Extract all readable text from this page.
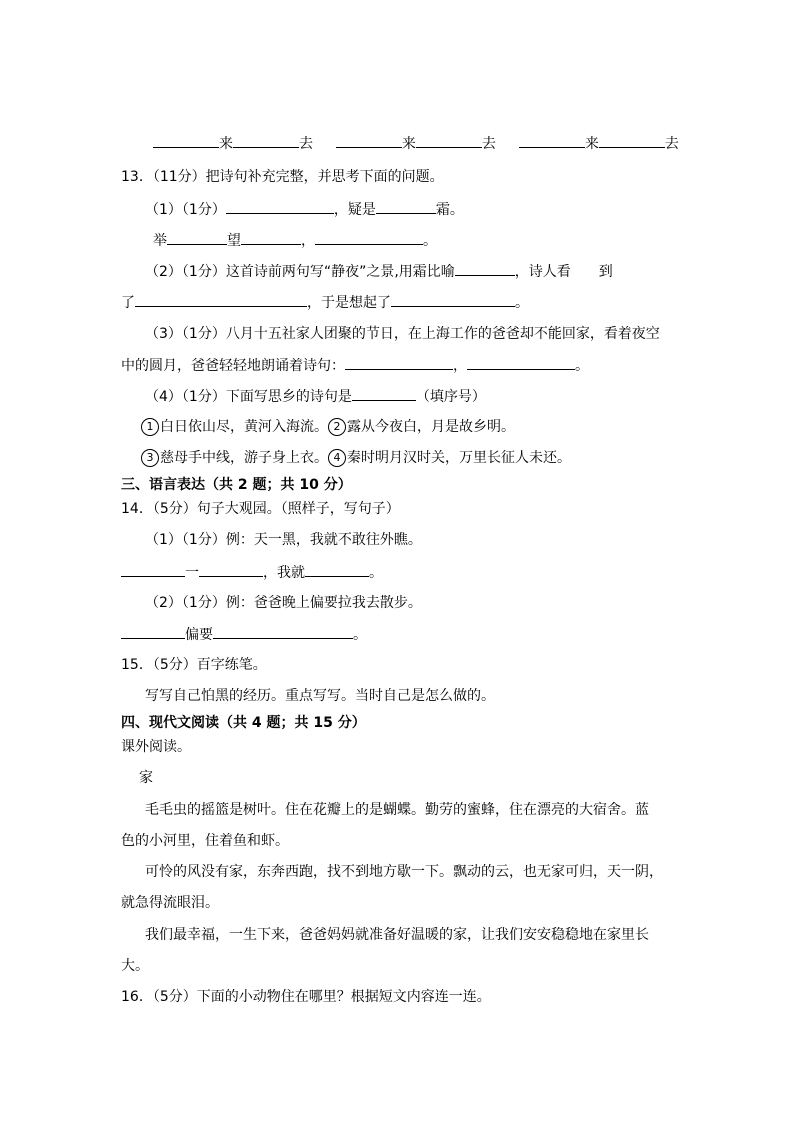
来	去	来	去	来	去
13．（11分）把诗句补充完整，并思考下面的问题。
（1）（1分）	，疑是	霜。
举	望	，	。
（2）（1分）这首诗前两句写“静夜”之景,用霜比喻	，诗人看　　到
了	，于是想起了	。
（3）（1分）八月十五社家人团聚的节日，在上海工作的爸爸却不能回家，看着夜空
中的圆月，爸爸轻轻地朗诵着诗句：	，	。
（4）（1分）下面写思乡的诗句是	（填序号）
1 白日依山尽，黄河入海流。 2 露从今夜白，月是故乡明。
3 慈母手中线，游子身上衣。 4 秦时明月汉时关，万里长征人未还。
三、语言表达（共 2 题；共 10 分）
14．（5分）句子大观园。（照样子，写句子）
（1）（1分）例：天一黑，我就不敢往外瞧。
一	，我就	。
（2）（1分）例：爸爸晚上偏要拉我去散步。
偏要	。
15．（5分）百字练笔。
写写自己怕黑的经历。重点写写。当时自己是怎么做的。
四、现代文阅读（共 4 题；共 15 分）
课外阅读。
家
毛毛虫的摇篮是树叶。住在花瓣上的是蝴蝶。勤劳的蜜蜂，住在漂亮的大宿舍。蓝
色的小河里，住着鱼和虾。
可怜的风没有家，东奔西跑，找不到地方歇一下。飘动的云，也无家可归，天一阴，
就急得流眼泪。
我们最幸福，一生下来，爸爸妈妈就准备好温暖的家，让我们安安稳稳地在家里长
大。
16．（5分）下面的小动物住在哪里？根据短文内容连一连。
